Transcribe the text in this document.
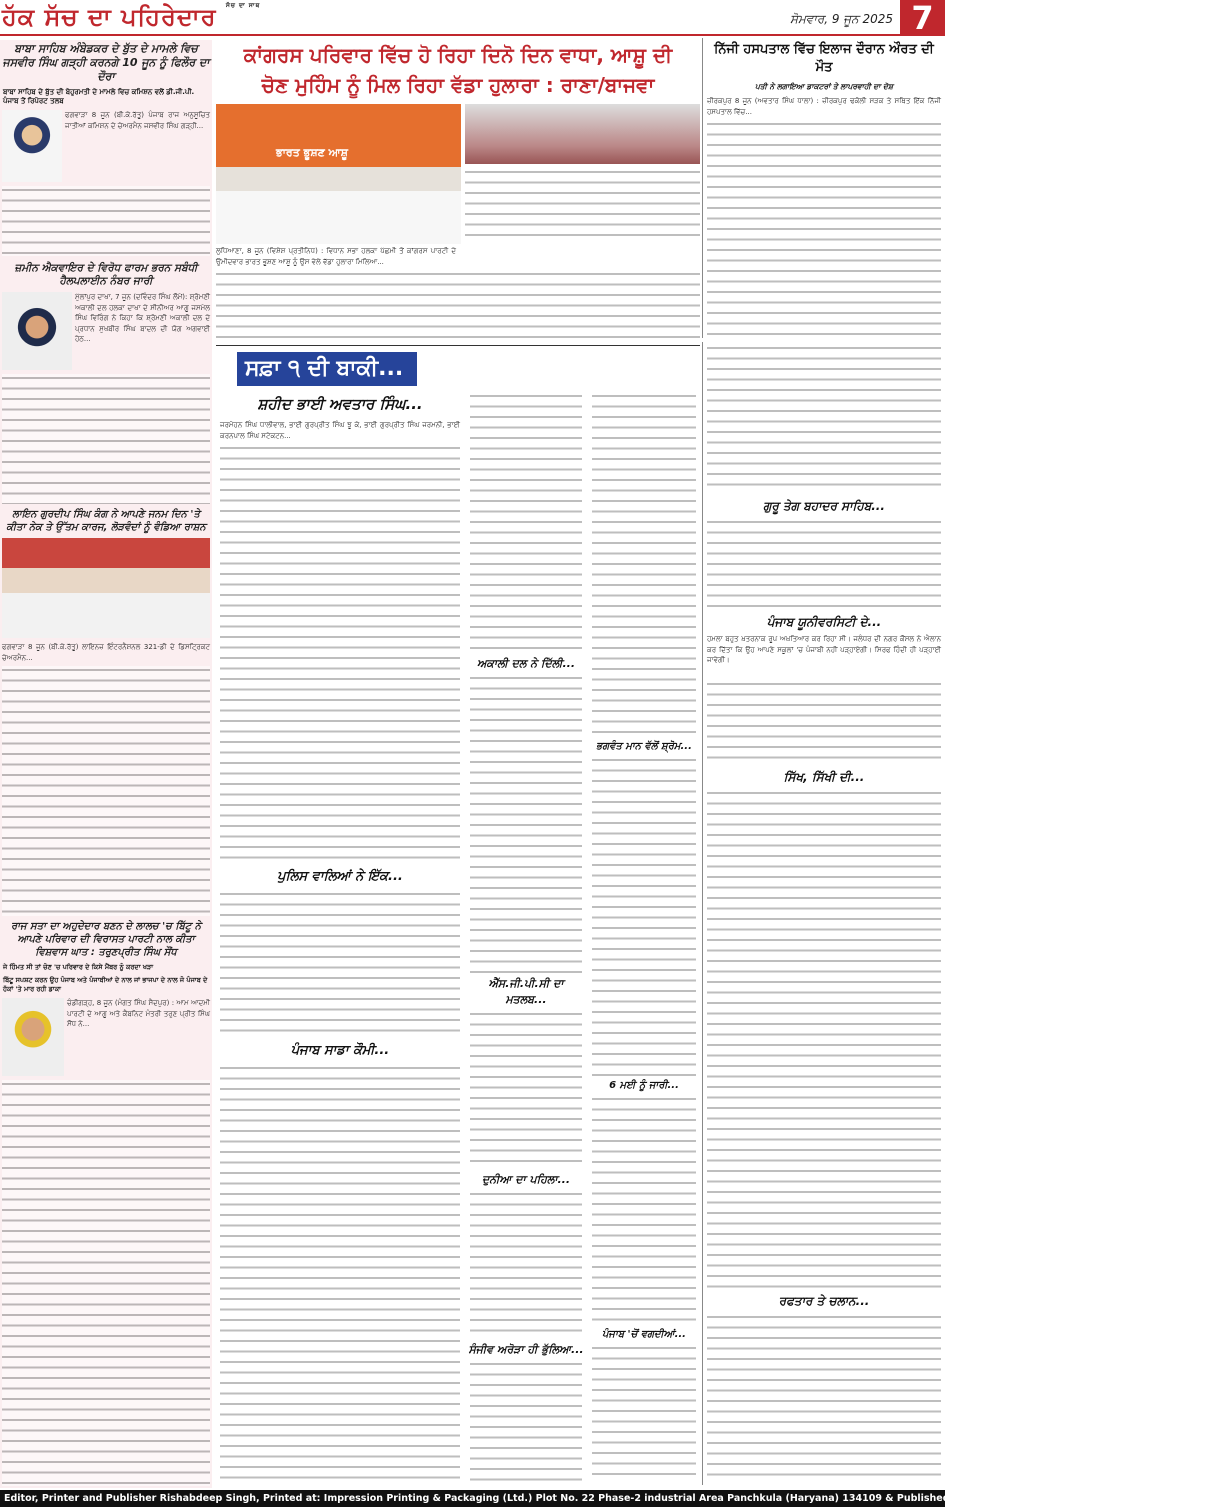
ਹੱਕ ਸੱਚ ਦਾ ਪਹਿਰੇਦਾਰ $^{ਸੱਚ ਦਾ ਸਾਥ}$
ਸੋਮਵਾਰ, 9 ਜੂਨ 2025 7
ਬਾਬਾ ਸਾਹਿਬ ਅੰਬੇਡਕਰ ਦੇ ਬੁੱਤ ਦੇ ਮਾਮਲੇ ਵਿਚ ਜਸਵੀਰ ਸਿੰਘ ਗੜ੍ਹੀ ਕਰਨਗੇ 10 ਜੂਨ ਨੂੰ ਫਿਲੌਰ ਦਾ ਦੌਰਾ
ਬਾਬਾ ਸਾਹਿਬ ਦੇ ਬੁੱਤ ਦੀ ਬੇਹੁਰਮਤੀ ਦੇ ਮਾਮਲੇ ਵਿਚ ਕਮਿਸ਼ਨ ਵਲੋਂ ਡੀ.ਜੀ.ਪੀ. ਪੰਜਾਬ ਤੋਂ ਰਿਪੋਰਟ ਤਲਬ
ਫਗਵਾੜਾ 8 ਜੂਨ (ਬੀ.ਕੇ.ਰੱਤੂ) ਪੰਜਾਬ ਰਾਜ ਅਨੁਸੂਚਿਤ ਜਾਤੀਆਂ ਕਮਿਸ਼ਨ ਦੇ ਚੇਅਰਮੈਨ ਜਸਵੀਰ ਸਿੰਘ ਗੜ੍ਹੀ...
ਜ਼ਮੀਨ ਐਕਵਾਇਰ ਦੇ ਵਿਰੋਧ ਫਾਰਮ ਭਰਨ ਸਬੰਧੀ ਹੈਲਪਲਾਈਨ ਨੰਬਰ ਜਾਰੀ
ਮੁੱਲਾਂਪੁਰ ਦਾਖਾ, 7 ਜੂਨ (ਦਵਿੰਦਰ ਸਿੰਘ ਲੌਮੇਂ): ਸ਼੍ਰੋਮਣੀ ਅਕਾਲੀ ਦਲ ਹਲਕਾ ਦਾਖਾ ਦੇ ਸੀਨੀਅਰ ਆਗੂ ਜਸਮੇਲ ਸਿੰਘ ਵਿਰਿੰਗ ਨੇ ਕਿਹਾ ਕਿ ਸ਼੍ਰੋਮਣੀ ਅਕਾਲੀ ਦਲ ਦੇ ਪ੍ਰਧਾਨ ਸੁਖਬੀਰ ਸਿੰਘ ਬਾਦਲ ਦੀ ਯੋਗ ਅਗਵਾਈ ਹੇਠ...
ਲਾਇਨ ਗੁਰਦੀਪ ਸਿੰਘ ਕੰਗ ਨੇ ਆਪਣੇ ਜਨਮ ਦਿਨ 'ਤੇ ਕੀਤਾ ਨੇਕ ਤੇ ਉੱਤਮ ਕਾਰਜ, ਲੋੜਵੰਦਾਂ ਨੂੰ ਵੰਡਿਆ ਰਾਸ਼ਨ
ਫਗਵਾੜਾ 8 ਜੂਨ (ਬੀ.ਕੇ.ਰੱਤੂ) ਲਾਇਨਜ਼ ਇੰਟਰਨੈਸ਼ਨਲ 321-ਡੀ ਦੇ ਡਿਸਟ੍ਰਿਕਟ ਚੇਅਰਮੈਨ...
ਰਾਜ ਸਤਾ ਦਾ ਅਹੁਦੇਦਾਰ ਬਣਨ ਦੇ ਲਾਲਚ 'ਚ ਬਿੱਟੂ ਨੇ ਆਪਣੇ ਪਰਿਵਾਰ ਦੀ ਵਿਰਾਸਤ ਪਾਰਟੀ ਨਾਲ ਕੀਤਾ ਵਿਸ਼ਵਾਸ ਘਾਤ : ਤਰੁਣਪ੍ਰੀਤ ਸਿੰਘ ਸੌਂਧ
ਜੇ ਹਿੰਮਤ ਸੀ ਤਾਂ ਚੋਣ 'ਚ ਪਰਿਵਾਰ ਦੇ ਕਿਸੇ ਮੈਂਬਰ ਨੂੰ ਕਰਦਾ ਖੜਾ
ਬਿੱਟੂ ਸਪਸ਼ਟ ਕਰਨ ਉਹ ਪੰਜਾਬ ਅਤੇ ਪੰਜਾਬੀਆਂ ਦੇ ਨਾਲ ਜਾਂ ਭਾਜਪਾ ਦੇ ਨਾਲ ਜੋ ਪੰਜਾਬ ਦੇ ਹੱਕਾਂ 'ਤੇ ਮਾਰ ਰਹੀ ਡਾਕਾ
ਚੰਡੀਗੜ੍ਹ, 8 ਜੂਨ (ਮੰਗਤ ਸਿੰਘ ਸੈਦਪੁਰ) : ਆਮ ਆਦਮੀ ਪਾਰਟੀ ਦੇ ਆਗੂ ਅਤੇ ਕੈਬਨਿਟ ਮੰਤਰੀ ਤਰੁਣ ਪ੍ਰੀਤ ਸਿੰਘ ਸੌਂਧ ਨੇ...
ਕਾਂਗਰਸ ਪਰਿਵਾਰ ਵਿੱਚ ਹੋ ਰਿਹਾ ਦਿਨੋ ਦਿਨ ਵਾਧਾ, ਆਸ਼ੂ ਦੀ
ਚੋਣ ਮੁਹਿੰਮ ਨੂੰ ਮਿਲ ਰਿਹਾ ਵੱਡਾ ਹੁਲਾਰਾ : ਰਾਣਾ/ਬਾਜਵਾ
ਭਾਰਤ ਭੂਸ਼ਣ ਆਸ਼ੂ
ਲੁਧਿਆਣਾ, 8 ਜੂਨ (ਵਿਸ਼ੇਸ਼ ਪ੍ਰਤੀਨਿਧ) : ਵਿਧਾਨ ਸਭਾ ਹਲਕਾ ਪੱਛਮੀ ਤੋਂ ਕਾਂਗਰਸ ਪਾਰਟੀ ਦੇ ਉਮੀਦਵਾਰ ਭਾਰਤ ਭੂਸ਼ਣ ਆਸ਼ੂ ਨੂੰ ਉਸ ਵੇਲੇ ਵੱਡਾ ਹੁਲਾਰਾ ਮਿਲਿਆ...
ਨਿੱਜੀ ਹਸਪਤਾਲ ਵਿੱਚ ਇਲਾਜ ਦੌਰਾਨ ਔਰਤ ਦੀ ਮੌਤ
ਪਤੀ ਨੇ ਲਗਾਇਆ ਡਾਕਟਰਾਂ ਤੇ ਲਾਪਰਵਾਹੀ ਦਾ ਦੋਸ਼
ਜ਼ੀਰਕਪੁਰ 8 ਜੂਨ (ਅਵਤਾਰ ਸਿੰਘ ਧਾਲਾ) : ਜ਼ੀਰਕਪੁਰ ਢਕੋਲੀ ਸੜਕ ਤੇ ਸਥਿਤ ਇੱਕ ਨਿੱਜੀ ਹਸਪਤਾਲ ਵਿੱਚ...
ਸਫ਼ਾ ੧ ਦੀ ਬਾਕੀ...
ਸ਼ਹੀਦ ਭਾਈ ਅਵਤਾਰ ਸਿੰਘ...
ਜਰਮੋਹਨ ਸਿੰਘ ਧਾਲੀਵਾਲ, ਭਾਈ ਗੁਰਪ੍ਰੀਤ ਸਿੰਘ ਝੂ ਕੇ, ਭਾਈ ਗੁਰਪ੍ਰੀਤ ਸਿੰਘ ਜਰਮਨੀ, ਭਾਈ ਕਰਨਪਾਲ ਸਿੰਘ ਸਟੇਕਟਨ...
ਪੁਲਿਸ ਵਾਲਿਆਂ ਨੇ ਇੱਕ...
ਪੰਜਾਬ ਸਾਡਾ ਕੌਮੀ...
ਅਕਾਲੀ ਦਲ ਨੇ ਦਿੱਲੀ...
ਐੱਸ.ਜੀ.ਪੀ.ਸੀ ਦਾ ਮਤਲਬ...
ਦੁਨੀਆ ਦਾ ਪਹਿਲਾ...
ਸੰਜੀਵ ਅਰੋੜਾ ਹੀ ਭੁੱਲਿਆ...
ਭਗਵੰਤ ਮਾਨ ਵੱਲੋਂ ਸ਼੍ਰੋਮ...
6 ਮਈ ਨੂੰ ਜਾਰੀ...
ਪੰਜਾਬ 'ਚੋਂ ਵਗਦੀਆਂ...
ਗੁਰੂ ਤੇਗ ਬਹਾਦਰ ਸਾਹਿਬ...
ਪੰਜਾਬ ਯੂਨੀਵਰਸਿਟੀ ਦੇ...
ਹਮਲਾ ਬਹੁਤ ਖ਼ਤਰਨਾਕ ਰੂਪ ਅਖ਼ਤਿਆਰ ਕਰ ਰਿਹਾ ਸੀ। ਜਲੰਧਰ ਦੀ ਨਗਰ ਕੌਂਸਲ ਨੇ ਐਲਾਨ ਕਰ ਦਿੱਤਾ ਕਿ ਉਹ ਆਪਣੇ ਸਕੂਲਾਂ 'ਚ ਪੰਜਾਬੀ ਨਹੀਂ ਪੜ੍ਹਾਏਗੀ। ਸਿਰਫ ਹਿੰਦੀ ਹੀ ਪੜ੍ਹਾਈ ਜਾਵੇਗੀ।
ਸਿੱਖ, ਸਿੱਖੀ ਦੀ...
ਰਫਤਾਰ ਤੇ ਚਲਾਨ...
Editor, Printer and Publisher Rishabdeep Singh, Printed at: Impression Printing & Packaging (Ltd.) Plot No. 22 Phase-2 industrial Area Panchkula (Haryana) 134109 & Published From 3223, First Floor, Sector-35D, Chandigarh
